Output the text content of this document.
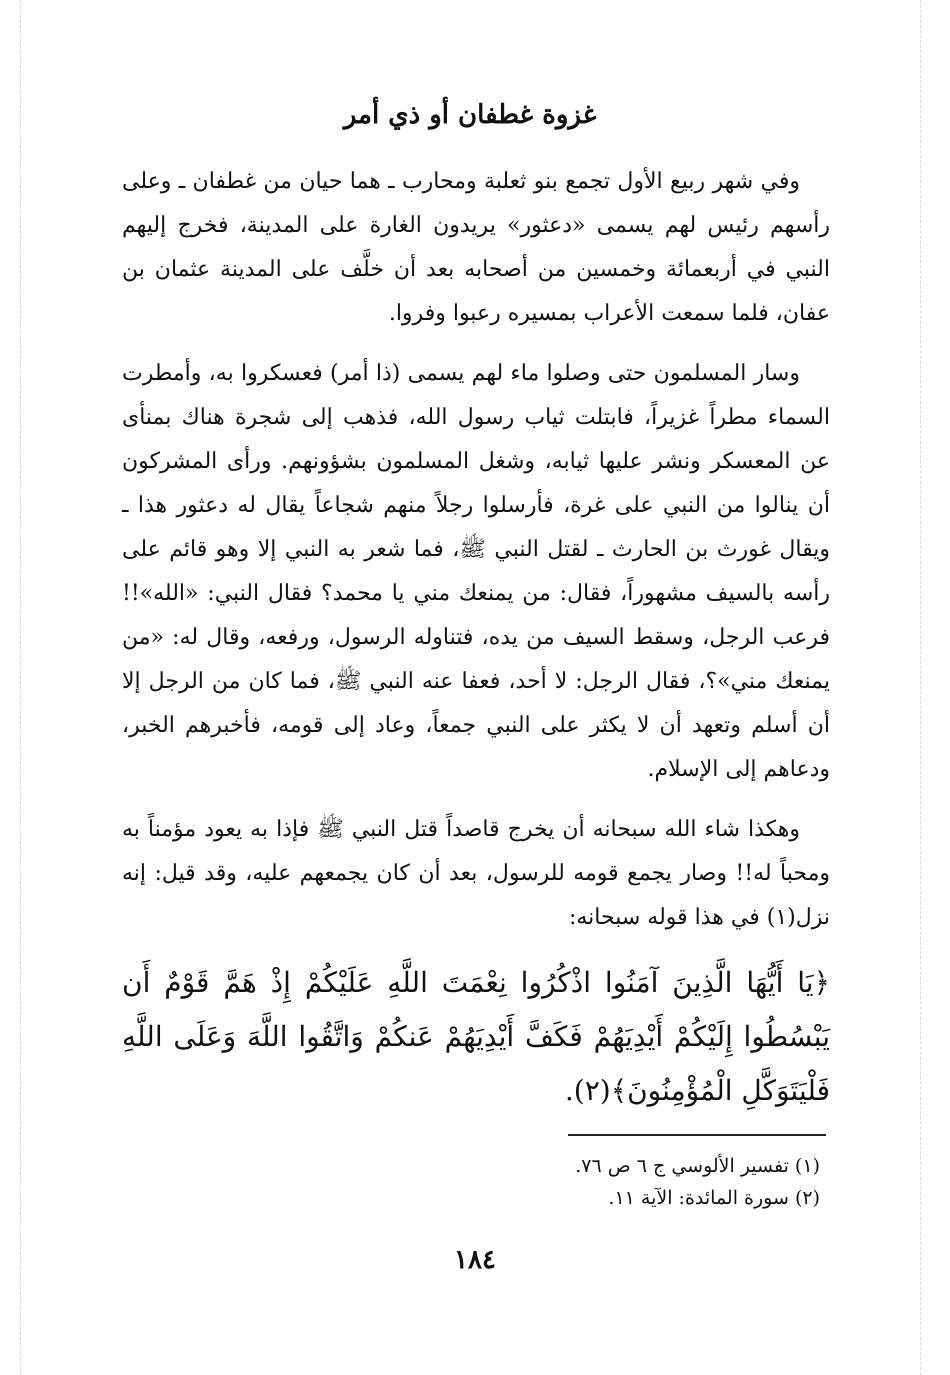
غزوة غطفان أو ذي أمر

وفي شهر ربيع الأول تجمع بنو ثعلبة ومحارب ـ هما حيان من غطفان ـ وعلى رأسهم رئيس لهم يسمى «دعثور» يريدون الغارة على المدينة، فخرج إليهم النبي في أربعمائة وخمسين من أصحابه بعد أن خلَّف على المدينة عثمان بن عفان، فلما سمعت الأعراب بمسيره رعبوا وفروا.

وسار المسلمون حتى وصلوا ماء لهم يسمى (ذا أمر) فعسكروا به، وأمطرت السماء مطراً غزيراً، فابتلت ثياب رسول الله، فذهب إلى شجرة هناك بمنأى عن المعسكر ونشر عليها ثيابه، وشغل المسلمون بشؤونهم. ورأى المشركون أن ينالوا من النبي على غرة، فأرسلوا رجلاً منهم شجاعاً يقال له دعثور هذا ـ ويقال غورث بن الحارث ـ لقتل النبي ﷺ، فما شعر به النبي إلا وهو قائم على رأسه بالسيف مشهوراً، فقال: من يمنعك مني يا محمد؟ فقال النبي: «الله»!! فرعب الرجل، وسقط السيف من يده، فتناوله الرسول، ورفعه، وقال له: «من يمنعك مني»؟، فقال الرجل: لا أحد، فعفا عنه النبي ﷺ، فما كان من الرجل إلا أن أسلم وتعهد أن لا يكثر على النبي جمعاً، وعاد إلى قومه، فأخبرهم الخبر، ودعاهم إلى الإسلام.

وهكذا شاء الله سبحانه أن يخرج قاصداً قتل النبي ﷺ فإذا به يعود مؤمناً به ومحباً له!! وصار يجمع قومه للرسول، بعد أن كان يجمعهم عليه، وقد قيل: إنه نزل(١) في هذا قوله سبحانه:

﴿يَا أَيُّهَا الَّذِينَ آمَنُوا اذْكُرُوا نِعْمَتَ اللَّهِ عَلَيْكُمْ إِذْ هَمَّ قَوْمٌ أَن يَبْسُطُوا إِلَيْكُمْ أَيْدِيَهُمْ فَكَفَّ أَيْدِيَهُمْ عَنكُمْ وَاتَّقُوا اللَّهَ وَعَلَى اللَّهِ فَلْيَتَوَكَّلِ الْمُؤْمِنُونَ﴾(٢).

(١) تفسير الألوسي ج ٦ ص ٧٦.
(٢) سورة المائدة: الآية ١١.
١٨٤
